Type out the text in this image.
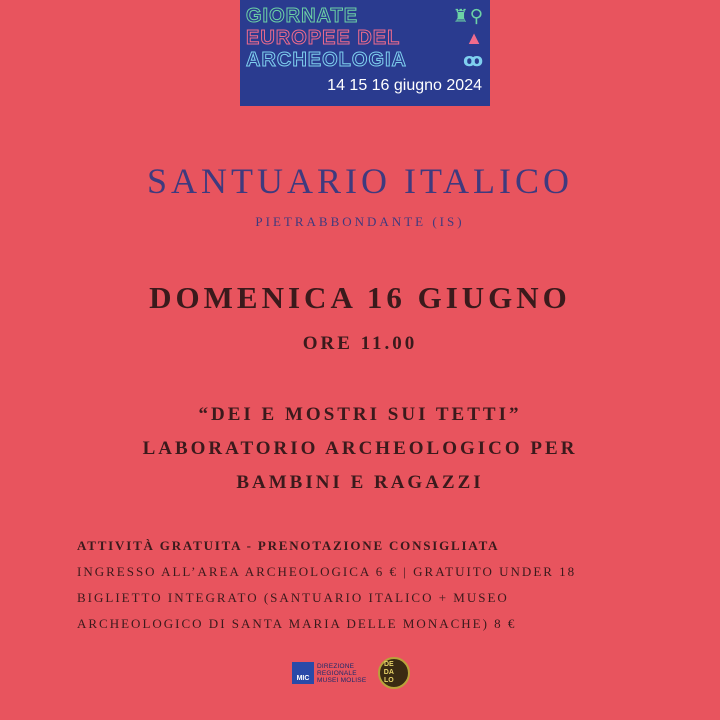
GIORNATE	♜⚲
EUROPEE DEL	▲
ARCHEOLOGIA	ꝏ
14 15 16 giugno 2024
SANTUARIO ITALICO
PIETRABBONDANTE (IS)
DOMENICA 16 GIUGNO
ORE 11.00
“DEI E MOSTRI SUI TETTI”
LABORATORIO ARCHEOLOGICO PER
BAMBINI E RAGAZZI
ATTIVITÀ GRATUITA - PRENOTAZIONE CONSIGLIATA
INGRESSO ALL’AREA ARCHEOLOGICA 6 € | GRATUITO UNDER 18
BIGLIETTO INTEGRATO (SANTUARIO ITALICO + MUSEO
ARCHEOLOGICO DI SANTA MARIA DELLE MONACHE) 8 €
MIC
DIREZIONE
REGIONALE
MUSEI MOLISE
DE
DA
LO
